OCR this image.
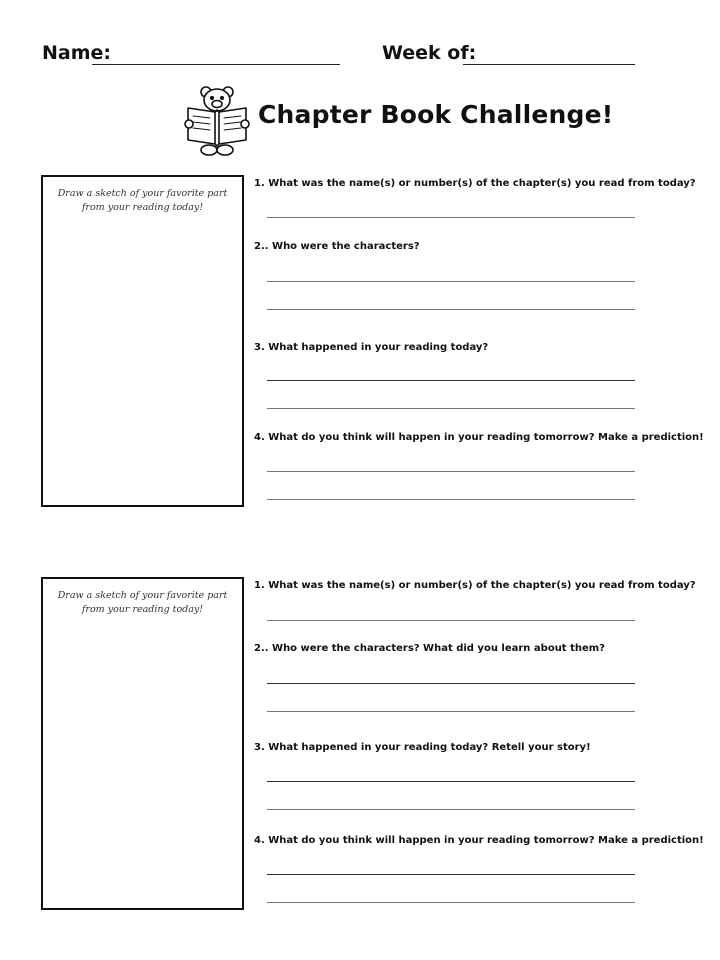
Name:	Week of:
Chapter Book Challenge!
Draw a sketch of your favorite part from your reading today!
1. What was the name(s) or number(s) of the chapter(s) you read from today?
2.. Who were the characters?
3. What happened in your reading today?
4. What do you think will happen in your reading tomorrow? Make a prediction!
Draw a sketch of your favorite part from your reading today!
1. What was the name(s) or number(s) of the chapter(s) you read from today?
2.. Who were the characters? What did you learn about them?
3. What happened in your reading today? Retell your story!
4. What do you think will happen in your reading tomorrow? Make a prediction!
